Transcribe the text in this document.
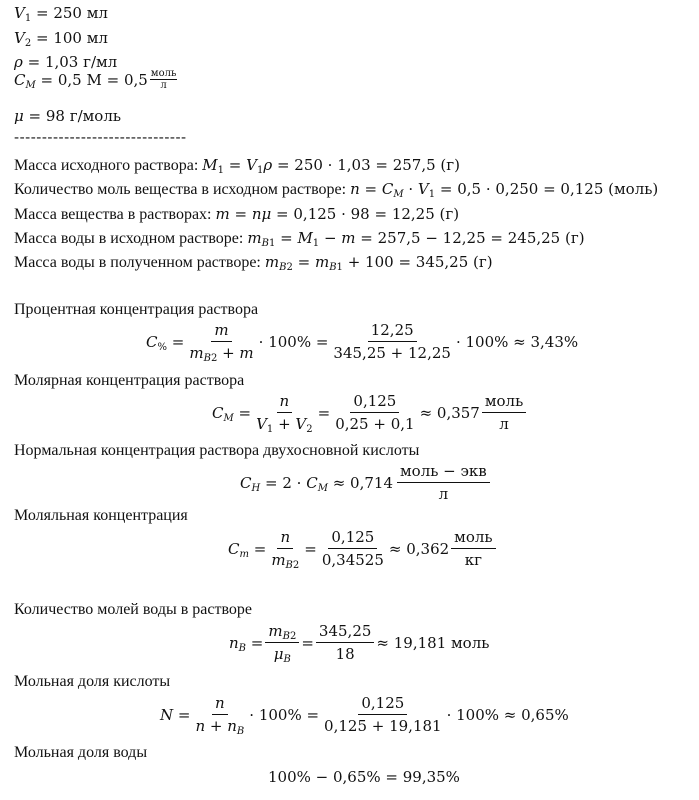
$V_1 = 250$ мл
$V_2 = 100$ мл
ρ = 1,03 г/мл
$C_M = 0,5$ $М = 0,5 \frac{\text{моль}}{л}$
μ = 98 г/моль
-------------------------------
Масса исходного раствора: $M_1 = V_1\rho = 250 \cdot 1,03 = 257,5$ (г)
Количество моль вещества в исходном растворе: $n = C_M \cdot V_1 = 0,5 \cdot 0,250 = 0,125$ (моль)
Масса вещества в растворах: m = nμ = 0,125 · 98 = 12,25 (г)
Масса воды в исходном растворе: $m_{B1} = M_1 - m = 257,5 - 12,25 = 245,25$ (г)
Масса воды в полученном растворе: $m_{B2} = m_{B1} + 100 = 345,25$ (г)
Процентная концентрация раствора
$C_{\%} = \frac{m}{m_{B2} + m} \cdot 100\% = \frac{12,25}{345,25 + 12,25} \cdot 100\% \approx 3,43\%$
Молярная концентрация раствора
$C_M = \frac{n}{V_1 + V_2} = \frac{0,125}{0,25 + 0,1} \approx 0,357 \frac{\text{моль}}{л}$
Нормальная концентрация раствора двухосновной кислоты
$C_H = 2 \cdot C_M \approx 0,714 \frac{\text{моль − экв}}{л}$
Моляльная концентрация
$C_m = \frac{n}{m_{B2}} = \frac{0,125}{0,34525} \approx 0,362 \frac{\text{моль}}{кг}$
Количество молей воды в растворе
$n_B = \frac{m_{B2}}{\mu_B} = \frac{345,25}{18} \approx 19,181$ моль
Мольная доля кислоты
$N = \frac{n}{n + n_B} \cdot 100\% = \frac{0,125}{0,125 + 19,181} \cdot 100\% \approx 0,65\%$
Мольная доля воды
100% − 0,65% = 99,35%
